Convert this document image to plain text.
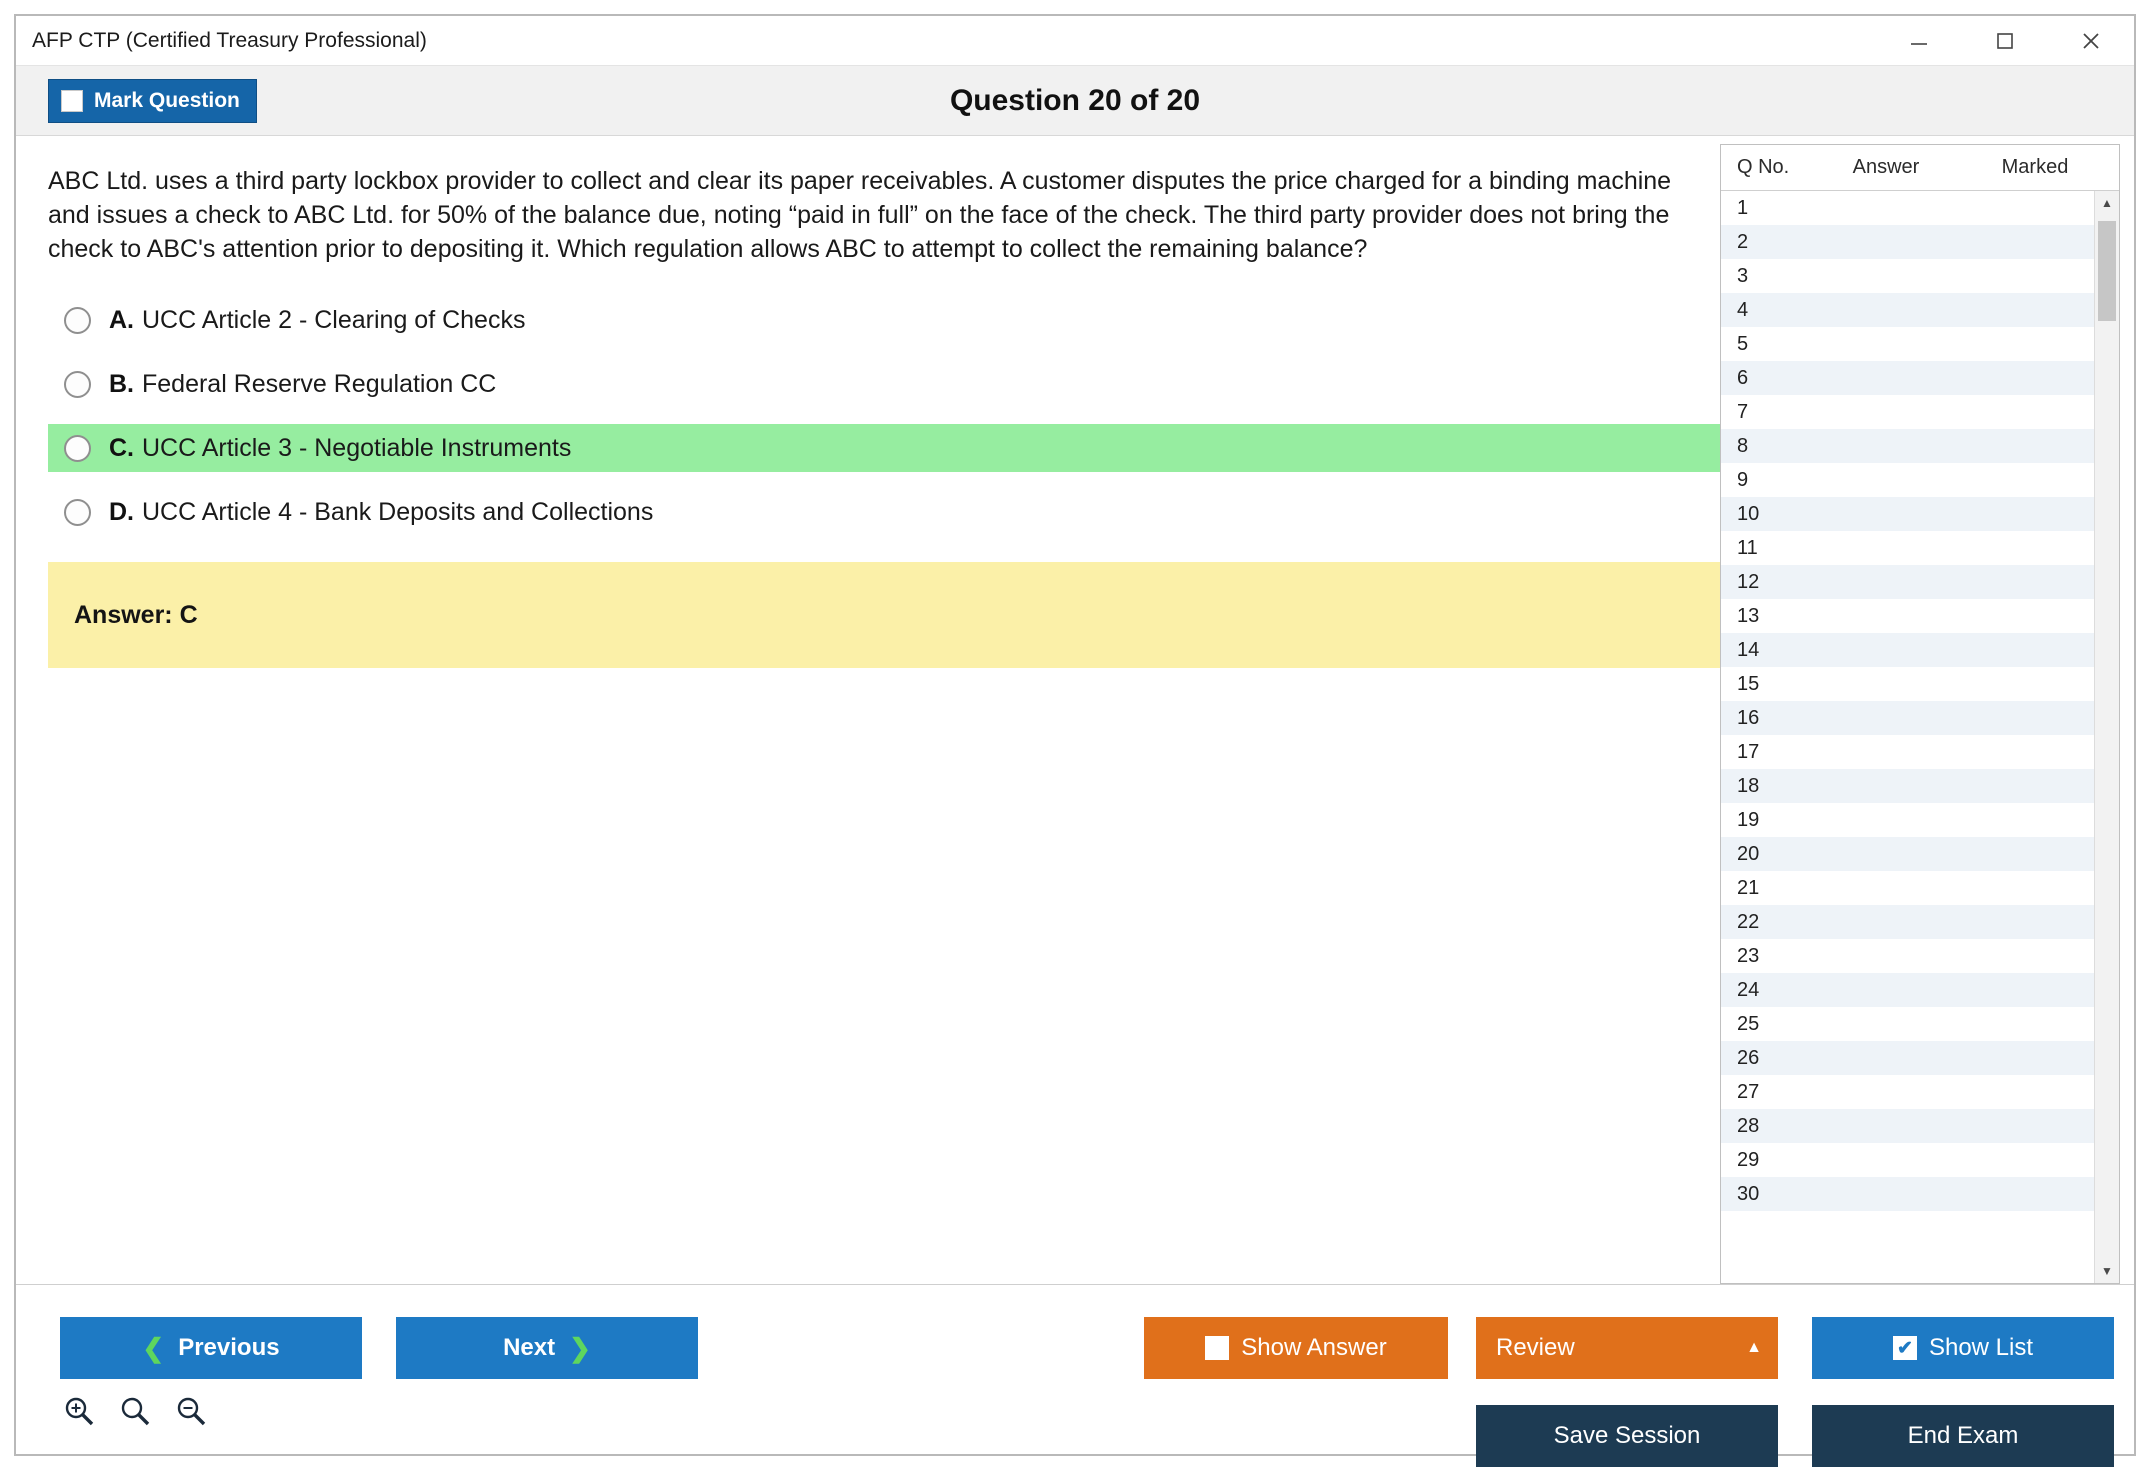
AFP CTP (Certified Treasury Professional)
Mark Question	Question 20 of 20
ABC Ltd. uses a third party lockbox provider to collect and clear its paper receivables. A customer disputes the price charged for a binding machine and issues a check to ABC Ltd. for 50% of the balance due, noting “paid in full” on the face of the check. The third party provider does not bring the check to ABC's attention prior to depositing it. Which regulation allows ABC to attempt to collect the remaining balance?
A. UCC Article 2 - Clearing of Checks
B. Federal Reserve Regulation CC
C. UCC Article 3 - Negotiable Instruments
D. UCC Article 4 - Bank Deposits and Collections
Answer: C
Q No.	Answer	Marked
1
2
3
4
5
6
7
8
9
10
11
12
13
14
15
16
17
18
19
20
21
22
23
24
25
26
27
28
29
30
▲
▼
❮ Previous	Next ❯	Show Answer	Review	▲	✔ Show List
Save Session	End Exam
